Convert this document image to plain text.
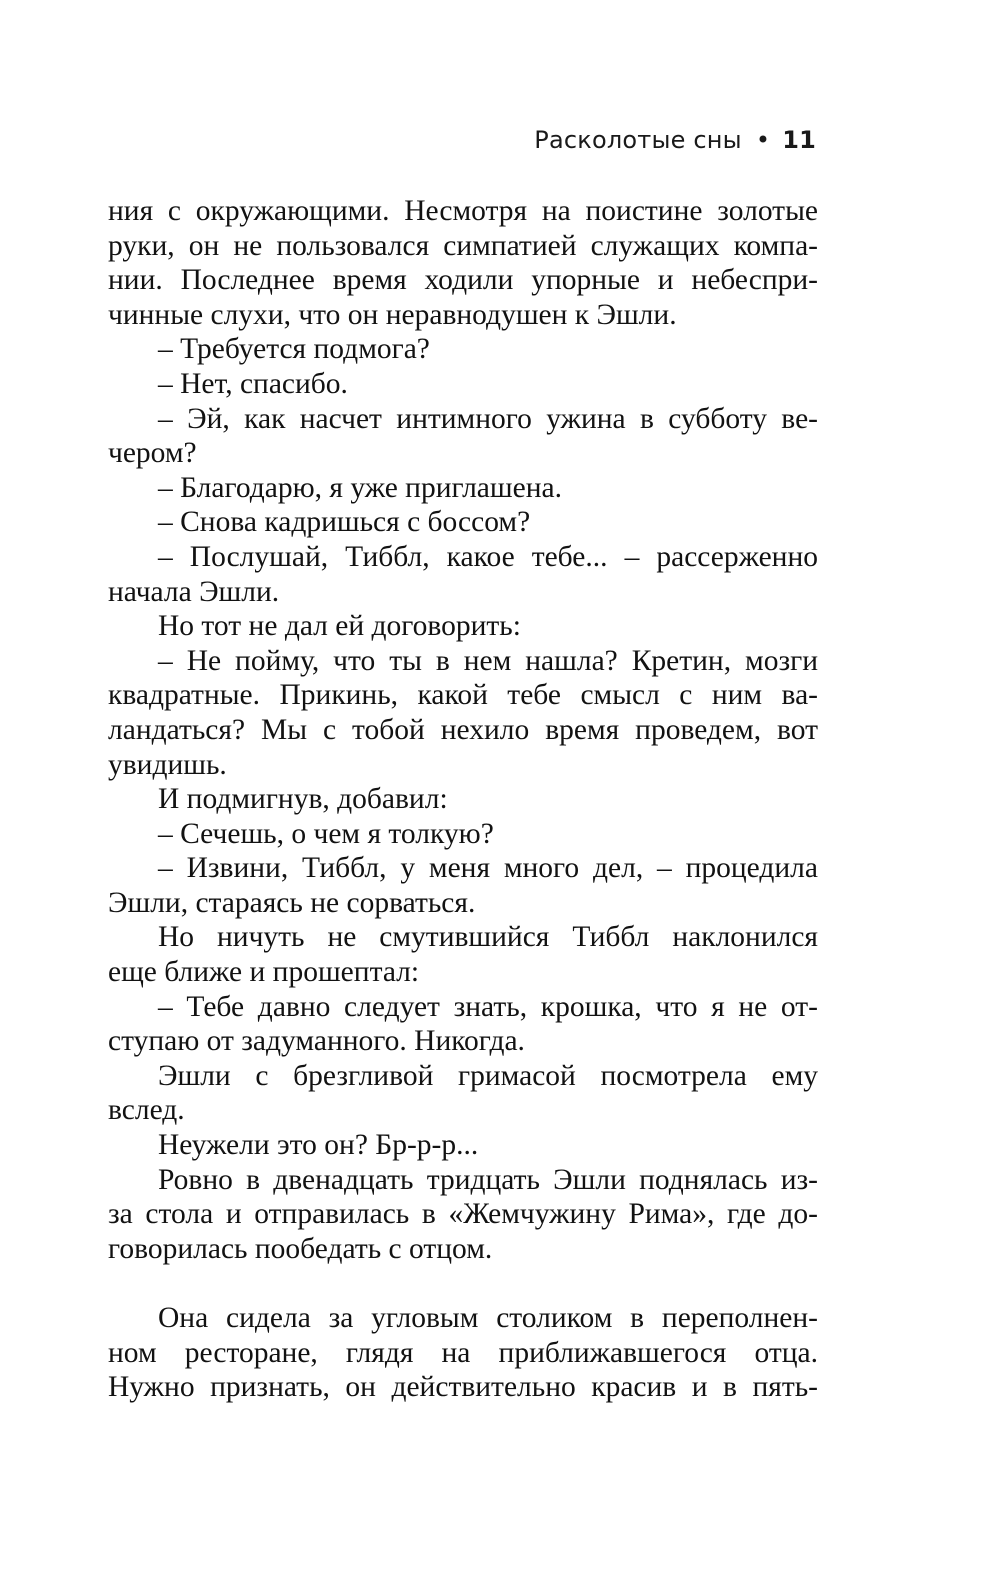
Расколотые сны • 11
ния с окружающими. Несмотря на поистине золотые
руки, он не пользовался симпатией служащих компа-
нии. Последнее время ходили упорные и небеспри-
чинные слухи, что он неравнодушен к Эшли.
– Требуется подмога?
– Нет, спасибо.
– Эй, как насчет интимного ужина в субботу ве-
чером?
– Благодарю, я уже приглашена.
– Снова кадришься с боссом?
– Послушай, Тиббл, какое тебе... – рассерженно
начала Эшли.
Но тот не дал ей договорить:
– Не пойму, что ты в нем нашла? Кретин, мозги
квадратные. Прикинь, какой тебе смысл с ним ва-
ландаться? Мы с тобой нехило время проведем, вот
увидишь.
И подмигнув, добавил:
– Сечешь, о чем я толкую?
– Извини, Тиббл, у меня много дел, – процедила
Эшли, стараясь не сорваться.
Но ничуть не смутившийся Тиббл наклонился
еще ближе и прошептал:
– Тебе давно следует знать, крошка, что я не от-
ступаю от задуманного. Никогда.
Эшли с брезгливой гримасой посмотрела ему
вслед.
Неужели это он? Бр-р-р...
Ровно в двенадцать тридцать Эшли поднялась из-
за стола и отправилась в «Жемчужину Рима», где до-
говорилась пообедать с отцом.
Она сидела за угловым столиком в переполнен-
ном ресторане, глядя на приближавшегося отца.
Нужно признать, он действительно красив и в пять-
